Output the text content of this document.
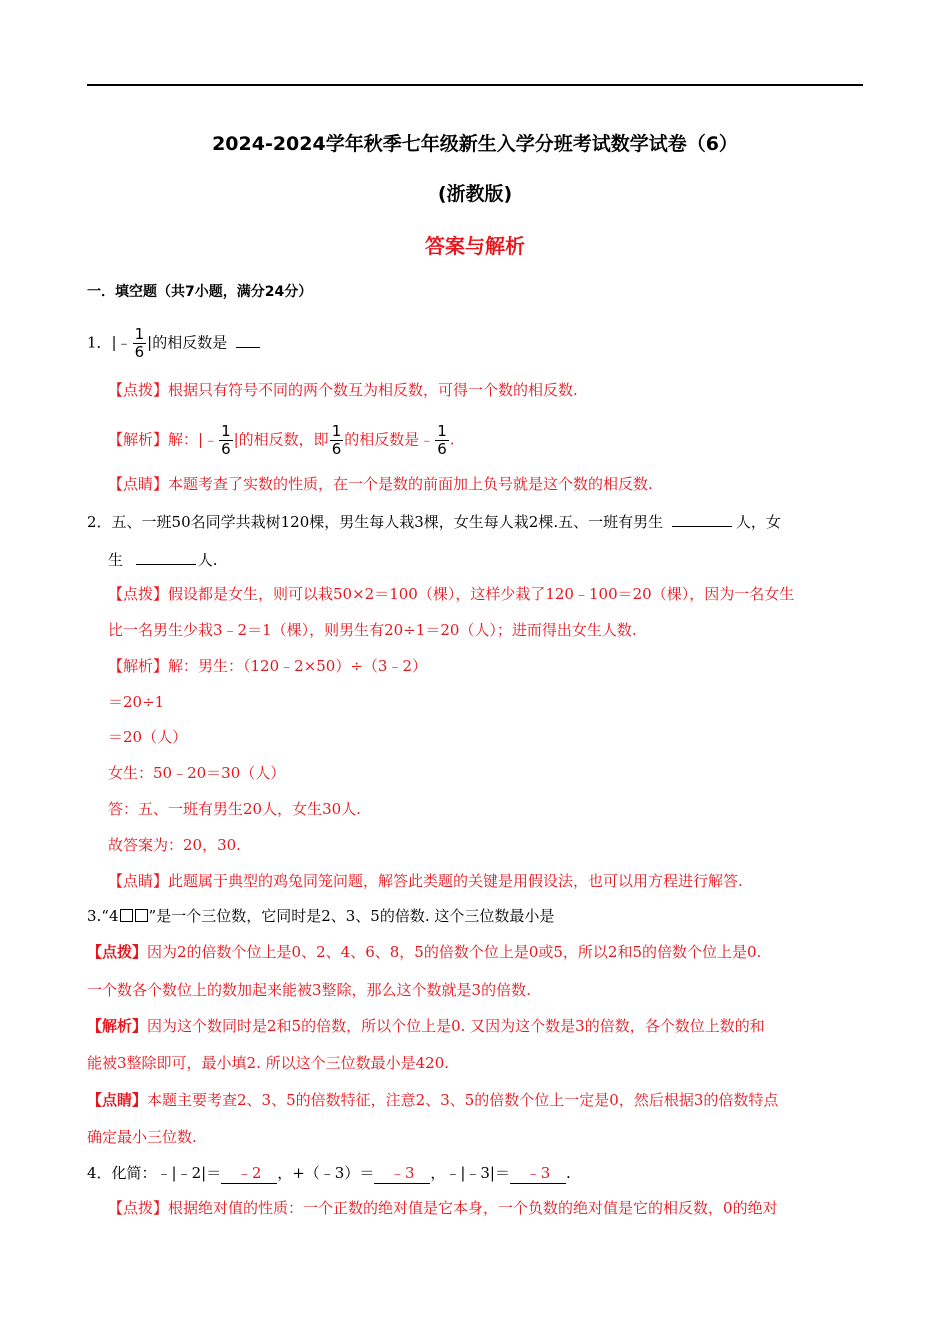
2024-2024学年秋季七年级新生入学分班考试数学试卷（6）
(浙教版)
答案与解析
一．填空题（共7小题，满分24分）
1．|﹣ $\frac{1}{6}$ |的相反数是
【点拨】根据只有符号不同的两个数互为相反数，可得一个数的相反数.
【解析】解：|﹣ $\frac{1}{6}$ |的相反数，即 $\frac{1}{6}$ 的相反数是﹣ $\frac{1}{6}$ .
【点睛】本题考查了实数的性质，在一个是数的前面加上负号就是这个数的相反数.
2．五、一班50名同学共栽树120棵，男生每人栽3棵，女生每人栽2棵.五、一班有男生	人，女
生	人.
【点拨】假设都是女生，则可以栽50×2＝100（棵），这样少栽了120﹣100＝20（棵），因为一名女生
比一名男生少栽3﹣2＝1（棵），则男生有20÷1＝20（人）；进而得出女生人数.
【解析】解：男生：（120﹣2×50）÷（3﹣2）
＝20÷1
＝20（人）
女生：50﹣20＝30（人）
答：五、一班有男生20人，女生30人.
故答案为：20，30.
【点睛】此题属于典型的鸡兔同笼问题，解答此类题的关键是用假设法，也可以用方程进行解答.
3.“4 ”是一个三位数，它同时是2、3、5的倍数. 这个三位数最小是
【点拨】因为2的倍数个位上是0、2、4、6、8，5的倍数个位上是0或5，所以2和5的倍数个位上是0.
一个数各个数位上的数加起来能被3整除，那么这个数就是3的倍数.
【解析】因为这个数同时是2和5的倍数，所以个位上是0. 又因为这个数是3的倍数，各个数位上数的和
能被3整除即可，最小填2. 所以这个三位数最小是420.
【点睛】本题主要考查2、3、5的倍数特征，注意2、3、5的倍数个位上一定是0，然后根据3的倍数特点
确定最小三位数.
4．化简：﹣|﹣2|＝ ﹣2 ，+（﹣3）＝ ﹣3 ，﹣|﹣3|＝ ﹣3 .
【点拨】根据绝对值的性质：一个正数的绝对值是它本身，一个负数的绝对值是它的相反数，0的绝对
